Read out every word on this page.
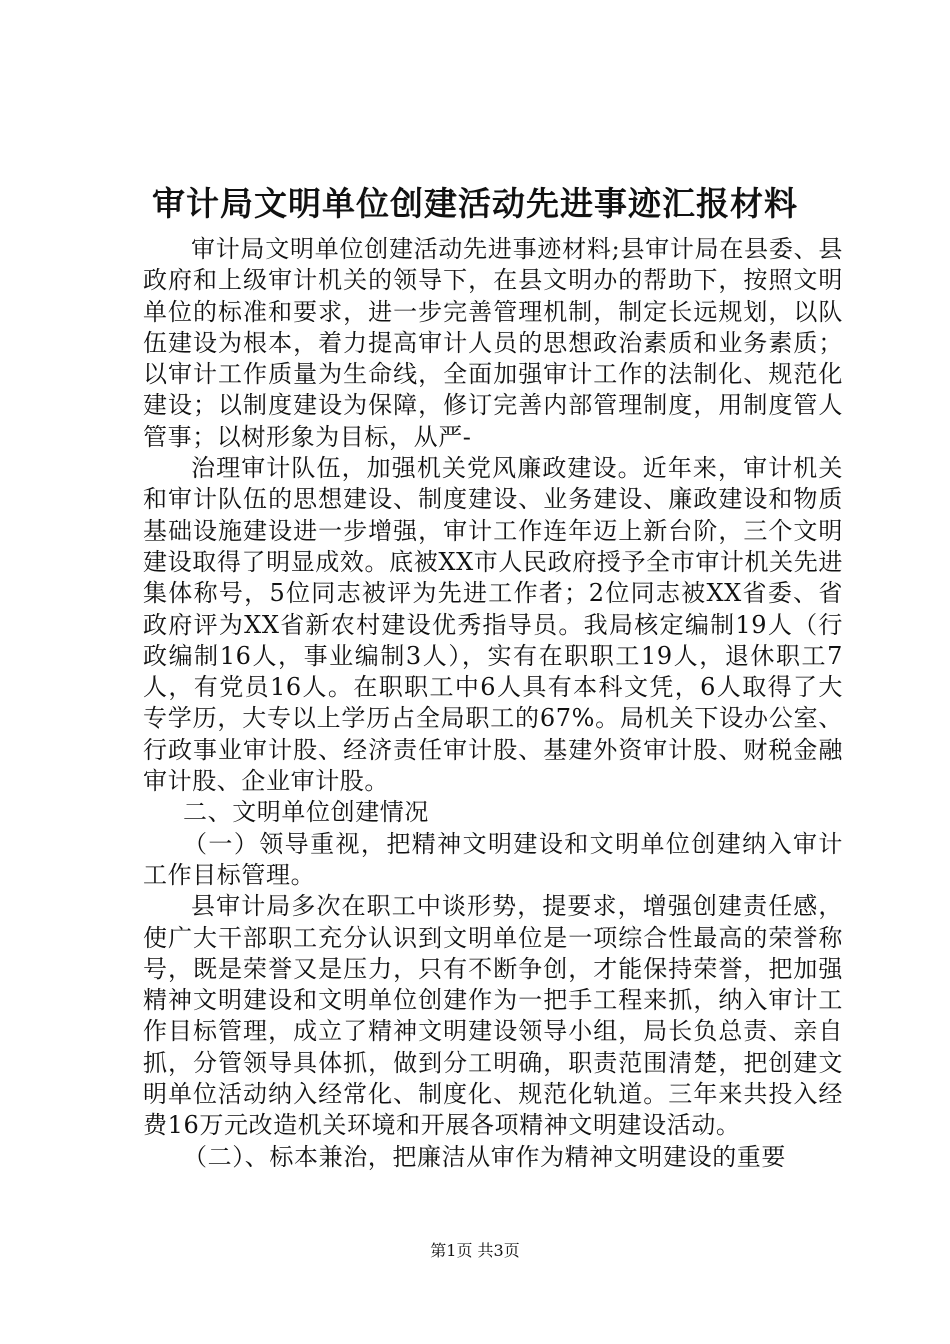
审计局文明单位创建活动先进事迹汇报材料

审计局文明单位创建活动先进事迹材料;县审计局在县委、县政府和上级审计机关的领导下，在县文明办的帮助下，按照文明单位的标准和要求，进一步完善管理机制，制定长远规划，以队伍建设为根本，着力提高审计人员的思想政治素质和业务素质；以审计工作质量为生命线，全面加强审计工作的法制化、规范化建设；以制度建设为保障，修订完善内部管理制度，用制度管人管事；以树形象为目标，从严-

治理审计队伍，加强机关党风廉政建设。近年来，审计机关和审计队伍的思想建设、制度建设、业务建设、廉政建设和物质基础设施建设进一步增强，审计工作连年迈上新台阶，三个文明建设取得了明显成效。底被XX市人民政府授予全市审计机关先进集体称号，5位同志被评为先进工作者；2位同志被XX省委、省政府评为XX省新农村建设优秀指导员。我局核定编制19人（行政编制16人，事业编制3人），实有在职职工19人，退休职工7人，有党员16人。在职职工中6人具有本科文凭，6人取得了大专学历，大专以上学历占全局职工的67%。局机关下设办公室、行政事业审计股、经济责任审计股、基建外资审计股、财税金融审计股、企业审计股。

二、文明单位创建情况

（一）领导重视，把精神文明建设和文明单位创建纳入审计工作目标管理。

县审计局多次在职工中谈形势，提要求，增强创建责任感，使广大干部职工充分认识到文明单位是一项综合性最高的荣誉称号，既是荣誉又是压力，只有不断争创，才能保持荣誉，把加强精神文明建设和文明单位创建作为一把手工程来抓，纳入审计工作目标管理，成立了精神文明建设领导小组，局长负总责、亲自抓，分管领导具体抓，做到分工明确，职责范围清楚，把创建文明单位活动纳入经常化、制度化、规范化轨道。三年来共投入经费16万元改造机关环境和开展各项精神文明建设活动。

（二）、标本兼治，把廉洁从审作为精神文明建设的重要

第1页 共3页
